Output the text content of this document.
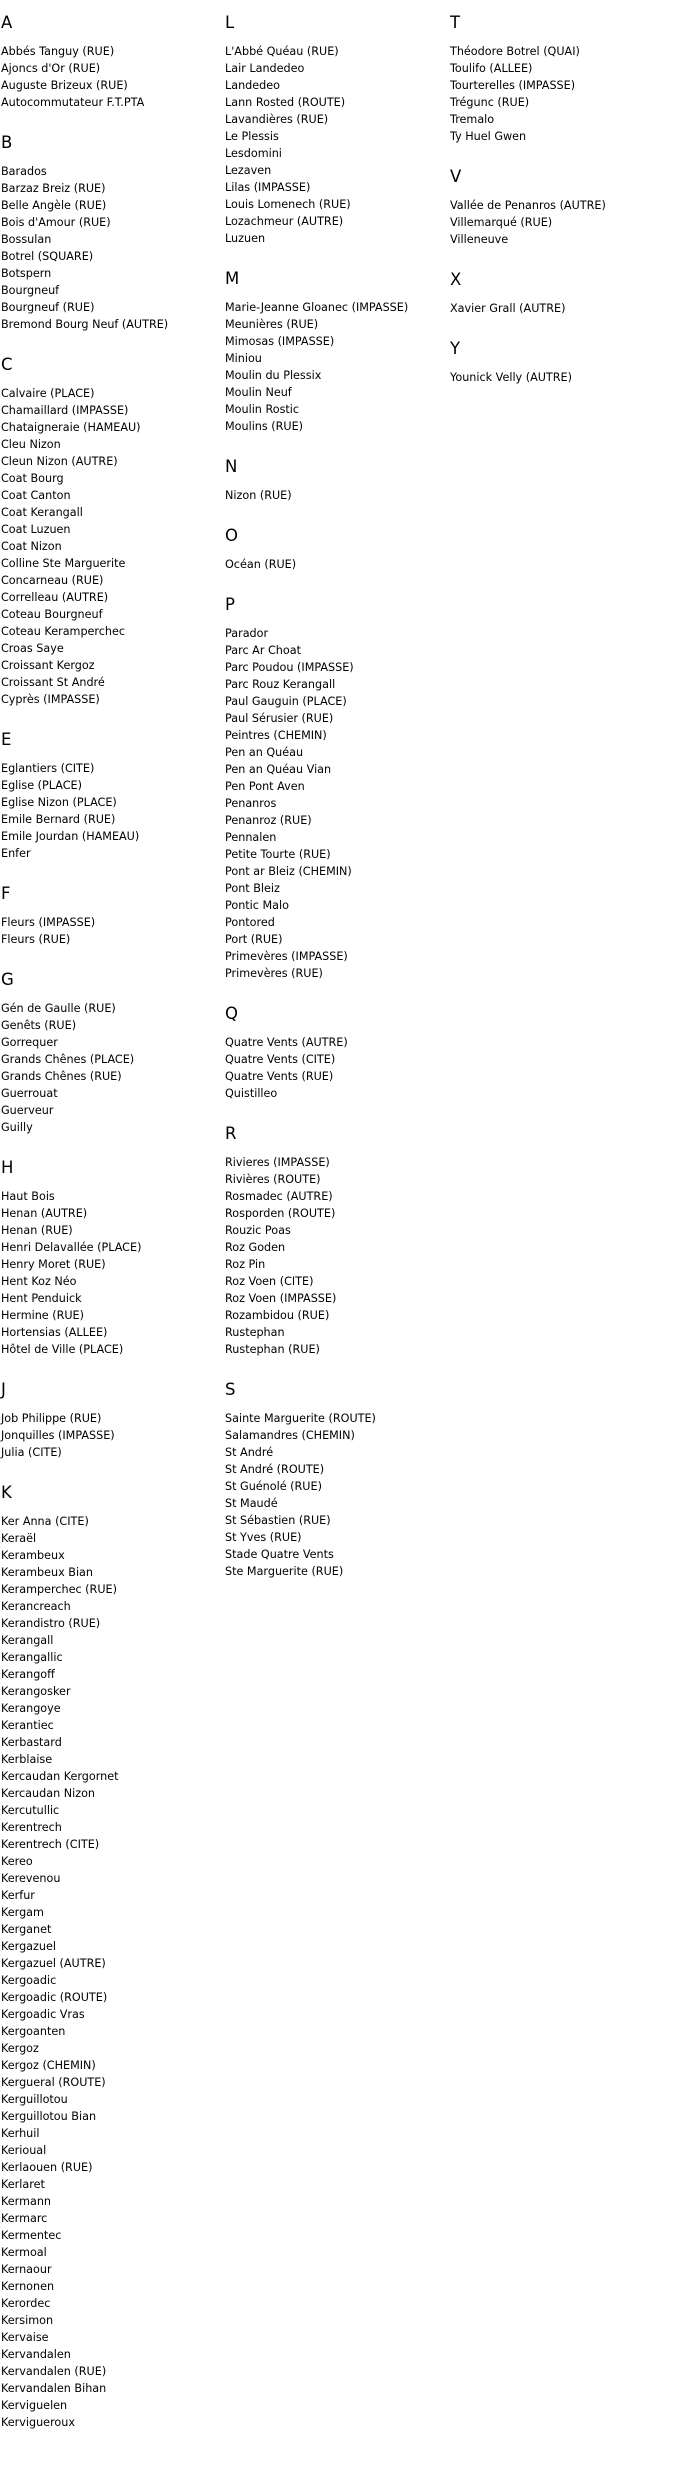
A
Abbés Tanguy (RUE)
Ajoncs d'Or (RUE)
Auguste Brizeux (RUE)
Autocommutateur F.T.PTA
B
Barados
Barzaz Breiz (RUE)
Belle Angèle (RUE)
Bois d'Amour (RUE)
Bossulan
Botrel (SQUARE)
Botspern
Bourgneuf
Bourgneuf (RUE)
Bremond Bourg Neuf (AUTRE)
C
Calvaire (PLACE)
Chamaillard (IMPASSE)
Chataigneraie (HAMEAU)
Cleu Nizon
Cleun Nizon (AUTRE)
Coat Bourg
Coat Canton
Coat Kerangall
Coat Luzuen
Coat Nizon
Colline Ste Marguerite
Concarneau (RUE)
Correlleau (AUTRE)
Coteau Bourgneuf
Coteau Keramperchec
Croas Saye
Croissant Kergoz
Croissant St André
Cyprès (IMPASSE)
E
Eglantiers (CITE)
Eglise (PLACE)
Eglise Nizon (PLACE)
Emile Bernard (RUE)
Emile Jourdan (HAMEAU)
Enfer
F
Fleurs (IMPASSE)
Fleurs (RUE)
G
Gén de Gaulle (RUE)
Genêts (RUE)
Gorrequer
Grands Chênes (PLACE)
Grands Chênes (RUE)
Guerrouat
Guerveur
Guilly
H
Haut Bois
Henan (AUTRE)
Henan (RUE)
Henri Delavallée (PLACE)
Henry Moret (RUE)
Hent Koz Néo
Hent Penduick
Hermine (RUE)
Hortensias (ALLEE)
Hôtel de Ville (PLACE)
J
Job Philippe (RUE)
Jonquilles (IMPASSE)
Julia (CITE)
K
Ker Anna (CITE)
Keraël
Kerambeux
Kerambeux Bian
Keramperchec (RUE)
Kerancreach
Kerandistro (RUE)
Kerangall
Kerangallic
Kerangoff
Kerangosker
Kerangoye
Kerantiec
Kerbastard
Kerblaise
Kercaudan Kergornet
Kercaudan Nizon
Kercutullic
Kerentrech
Kerentrech (CITE)
Kereo
Kerevenou
Kerfur
Kergam
Kerganet
Kergazuel
Kergazuel (AUTRE)
Kergoadic
Kergoadic (ROUTE)
Kergoadic Vras
Kergoanten
Kergoz
Kergoz (CHEMIN)
Kergueral (ROUTE)
Kerguillotou
Kerguillotou Bian
Kerhuil
Kerioual
Kerlaouen (RUE)
Kerlaret
Kermann
Kermarc
Kermentec
Kermoal
Kernaour
Kernonen
Kerordec
Kersimon
Kervaise
Kervandalen
Kervandalen (RUE)
Kervandalen Bihan
Kerviguelen
Kervigueroux
L
L'Abbé Quéau (RUE)
Lair Landedeo
Landedeo
Lann Rosted (ROUTE)
Lavandières (RUE)
Le Plessis
Lesdomini
Lezaven
Lilas (IMPASSE)
Louis Lomenech (RUE)
Lozachmeur (AUTRE)
Luzuen
M
Marie-Jeanne Gloanec (IMPASSE)
Meunières (RUE)
Mimosas (IMPASSE)
Miniou
Moulin du Plessix
Moulin Neuf
Moulin Rostic
Moulins (RUE)
N
Nizon (RUE)
O
Océan (RUE)
P
Parador
Parc Ar Choat
Parc Poudou (IMPASSE)
Parc Rouz Kerangall
Paul Gauguin (PLACE)
Paul Sérusier (RUE)
Peintres (CHEMIN)
Pen an Quéau
Pen an Quéau Vian
Pen Pont Aven
Penanros
Penanroz (RUE)
Pennalen
Petite Tourte (RUE)
Pont ar Bleiz (CHEMIN)
Pont Bleiz
Pontic Malo
Pontored
Port (RUE)
Primevères (IMPASSE)
Primevères (RUE)
Q
Quatre Vents (AUTRE)
Quatre Vents (CITE)
Quatre Vents (RUE)
Quistilleo
R
Rivieres (IMPASSE)
Rivières (ROUTE)
Rosmadec (AUTRE)
Rosporden (ROUTE)
Rouzic Poas
Roz Goden
Roz Pin
Roz Voen (CITE)
Roz Voen (IMPASSE)
Rozambidou (RUE)
Rustephan
Rustephan (RUE)
S
Sainte Marguerite (ROUTE)
Salamandres (CHEMIN)
St André
St André (ROUTE)
St Guénolé (RUE)
St Maudé
St Sébastien (RUE)
St Yves (RUE)
Stade Quatre Vents
Ste Marguerite (RUE)
T
Théodore Botrel (QUAI)
Toulifo (ALLEE)
Tourterelles (IMPASSE)
Trégunc (RUE)
Tremalo
Ty Huel Gwen
V
Vallée de Penanros (AUTRE)
Villemarqué (RUE)
Villeneuve
X
Xavier Grall (AUTRE)
Y
Younick Velly (AUTRE)
